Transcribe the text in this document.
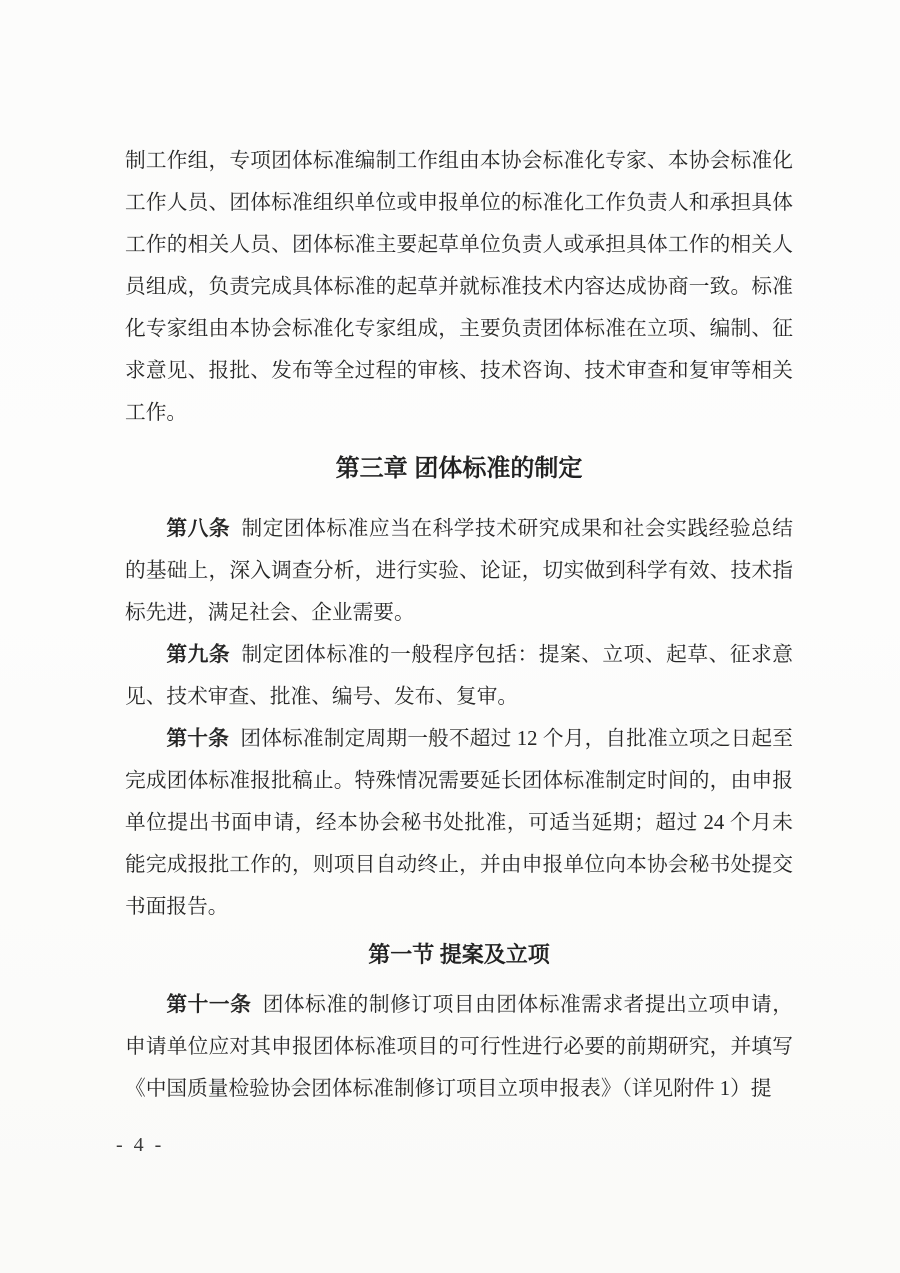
制工作组，专项团体标准编制工作组由本协会标准化专家、本协会标准化工作人员、团体标准组织单位或申报单位的标准化工作负责人和承担具体工作的相关人员、团体标准主要起草单位负责人或承担具体工作的相关人员组成，负责完成具体标准的起草并就标准技术内容达成协商一致。标准化专家组由本协会标准化专家组成，主要负责团体标准在立项、编制、征求意见、报批、发布等全过程的审核、技术咨询、技术审查和复审等相关工作。

第三章 团体标准的制定

第八条 制定团体标准应当在科学技术研究成果和社会实践经验总结的基础上，深入调查分析，进行实验、论证，切实做到科学有效、技术指标先进，满足社会、企业需要。

第九条 制定团体标准的一般程序包括：提案、立项、起草、征求意见、技术审查、批准、编号、发布、复审。

第十条 团体标准制定周期一般不超过 12 个月，自批准立项之日起至完成团体标准报批稿止。特殊情况需要延长团体标准制定时间的，由申报单位提出书面申请，经本协会秘书处批准，可适当延期；超过 24 个月未能完成报批工作的，则项目自动终止，并由申报单位向本协会秘书处提交书面报告。

第一节 提案及立项

第十一条 团体标准的制修订项目由团体标准需求者提出立项申请，申请单位应对其申报团体标准项目的可行性进行必要的前期研究，并填写《中国质量检验协会团体标准制修订项目立项申报表》（详见附件 1）提

- 4 -
